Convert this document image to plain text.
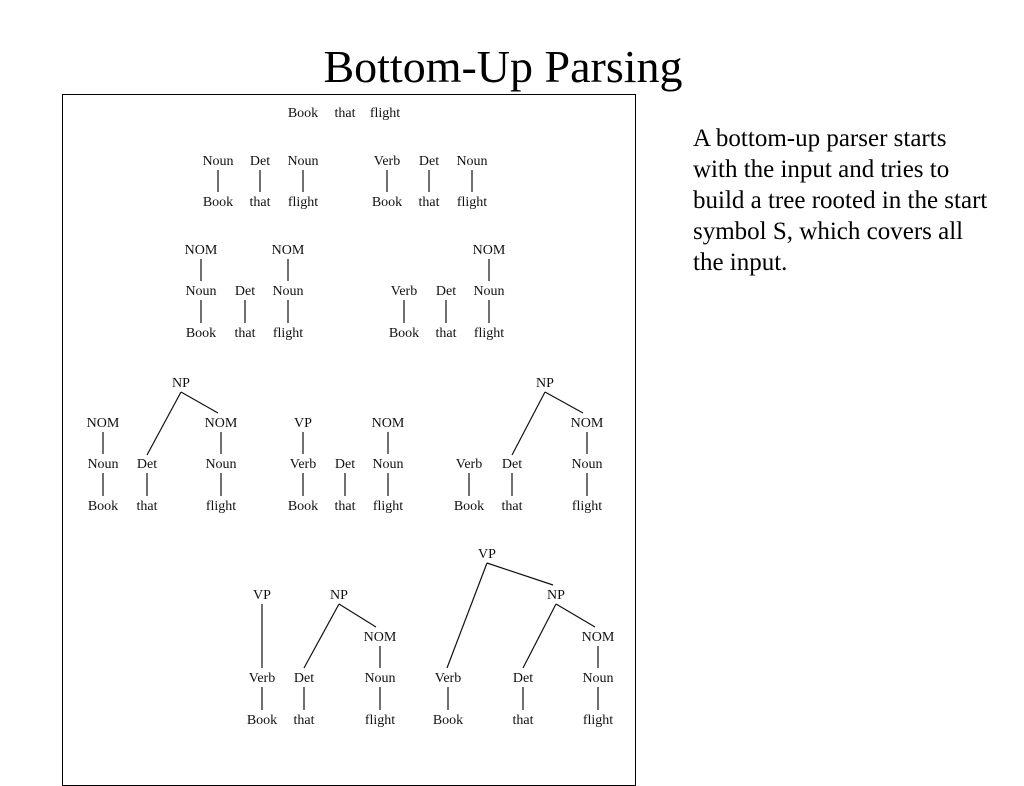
Bottom-Up Parsing
Book that flight
Noun Det Noun
Book that flight
Verb Det Noun
Book that flight
NOM	NOM
Noun Det Noun
Book that flight
NOM
Verb Det Noun
Book that flight
NP
NOM	NOM
Noun Det	Noun
Book that	flight
VP	NOM
Verb Det Noun
Book that flight
NP
NOM
Verb Det	Noun
Book that	flight
VP	NP
NOM
Verb Det	Noun
Book that	flight
VP
NP
NOM
Verb	Det	Noun
Book	that	flight
A bottom-up parser starts with the input and tries to build a tree rooted in the start symbol S, which covers all the input.
